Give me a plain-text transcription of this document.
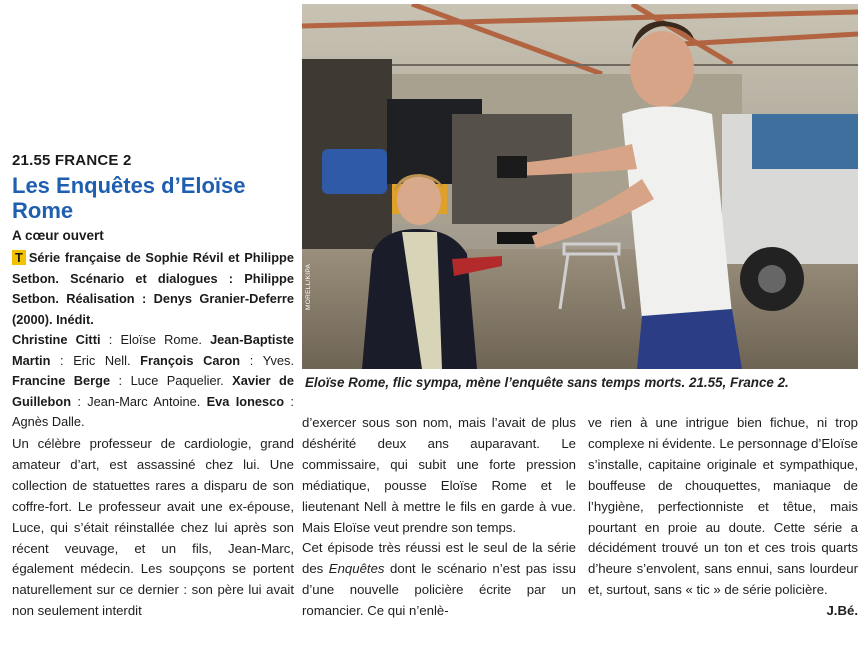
21.55 FRANCE 2
Les Enquêtes d’Eloïse Rome
A cœur ouvert
T Série française de Sophie Révil et Philippe Setbon. Scénario et dialogues : Philippe Setbon. Réalisation : Denys Granier-Deferre (2000). Inédit.
Christine Citti : Eloïse Rome. Jean-Baptiste Martin : Eric Nell. François Caron : Yves. Francine Berge : Luce Paquelier. Xavier de Guillebon : Jean-Marc Antoine. Eva Ionesco : Agnès Dalle.
MORELL/KIPA
Eloïse Rome, flic sympa, mène l’enquête sans temps morts. 21.55, France 2.

Un célèbre professeur de cardiologie, grand amateur d’art, est assassiné chez lui. Une collection de statuettes rares a disparu de son coffre-fort. Le professeur avait une ex-épouse, Luce, qui s’était réinstallée chez lui après son récent veuvage, et un fils, Jean-Marc, également médecin. Les soupçons se portent naturellement sur ce dernier : son père lui avait non seulement interdit

d’exercer sous son nom, mais l’avait de plus déshérité deux ans auparavant. Le commissaire, qui subit une forte pression médiatique, pousse Eloïse Rome et le lieutenant Nell à mettre le fils en garde à vue. Mais Eloïse veut prendre son temps.

Cet épisode très réussi est le seul de la série des Enquêtes dont le scénario n’est pas issu d’une nouvelle policière écrite par un romancier. Ce qui n’enlè-

ve rien à une intrigue bien fichue, ni trop complexe ni évidente. Le personnage d’Eloïse s’installe, capitaine originale et sympathique, bouffeuse de chouquettes, maniaque de l’hygiène, perfectionniste et têtue, mais pourtant en proie au doute. Cette série a décidément trouvé un ton et ces trois quarts d’heure s’envolent, sans ennui, sans lourdeur et, surtout, sans « tic » de série policière.
J.Bé.
